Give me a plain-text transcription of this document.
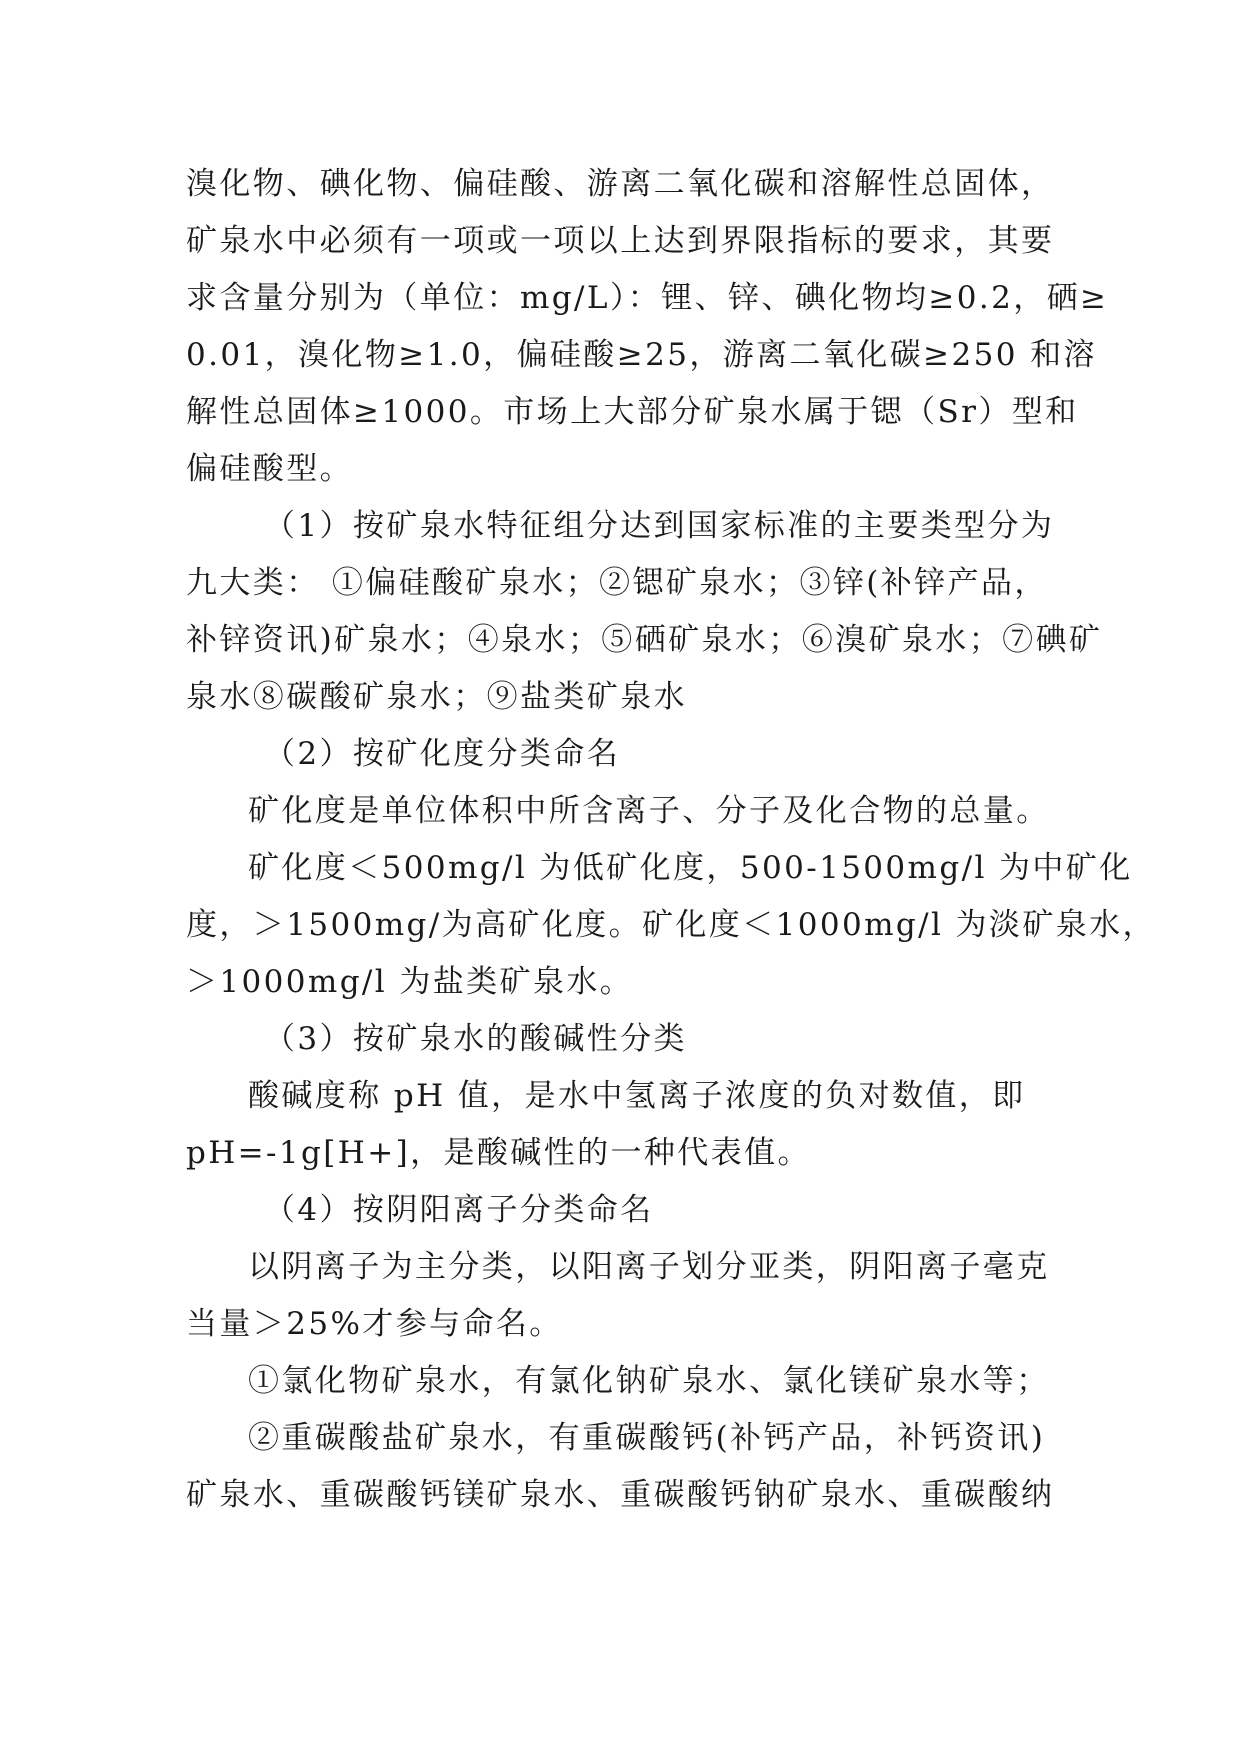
溴化物、碘化物、偏硅酸、游离二氧化碳和溶解性总固体，
矿泉水中必须有一项或一项以上达到界限指标的要求，其要
求含量分别为（单位：mg/L）：锂、锌、碘化物均≥0.2，硒≥
0.01，溴化物≥1.0，偏硅酸≥25，游离二氧化碳≥250 和溶
解性总固体≥1000。市场上大部分矿泉水属于锶（Sr）型和
偏硅酸型。
（1）按矿泉水特征组分达到国家标准的主要类型分为
九大类： ①偏硅酸矿泉水；②锶矿泉水；③锌(补锌产品，
补锌资讯)矿泉水；④泉水；⑤硒矿泉水；⑥溴矿泉水；⑦碘矿
泉水⑧碳酸矿泉水；⑨盐类矿泉水
（2）按矿化度分类命名
矿化度是单位体积中所含离子、分子及化合物的总量。
矿化度＜500mg/l 为低矿化度，500-1500mg/l 为中矿化
度，＞1500mg/为高矿化度。矿化度＜1000mg/l 为淡矿泉水，
＞1000mg/l 为盐类矿泉水。
（3）按矿泉水的酸碱性分类
酸碱度称 pH 值，是水中氢离子浓度的负对数值，即
pH=-1g[H+]，是酸碱性的一种代表值。
（4）按阴阳离子分类命名
以阴离子为主分类，以阳离子划分亚类，阴阳离子毫克
当量＞25%才参与命名。
①氯化物矿泉水，有氯化钠矿泉水、氯化镁矿泉水等；
②重碳酸盐矿泉水，有重碳酸钙(补钙产品，补钙资讯)
矿泉水、重碳酸钙镁矿泉水、重碳酸钙钠矿泉水、重碳酸纳
